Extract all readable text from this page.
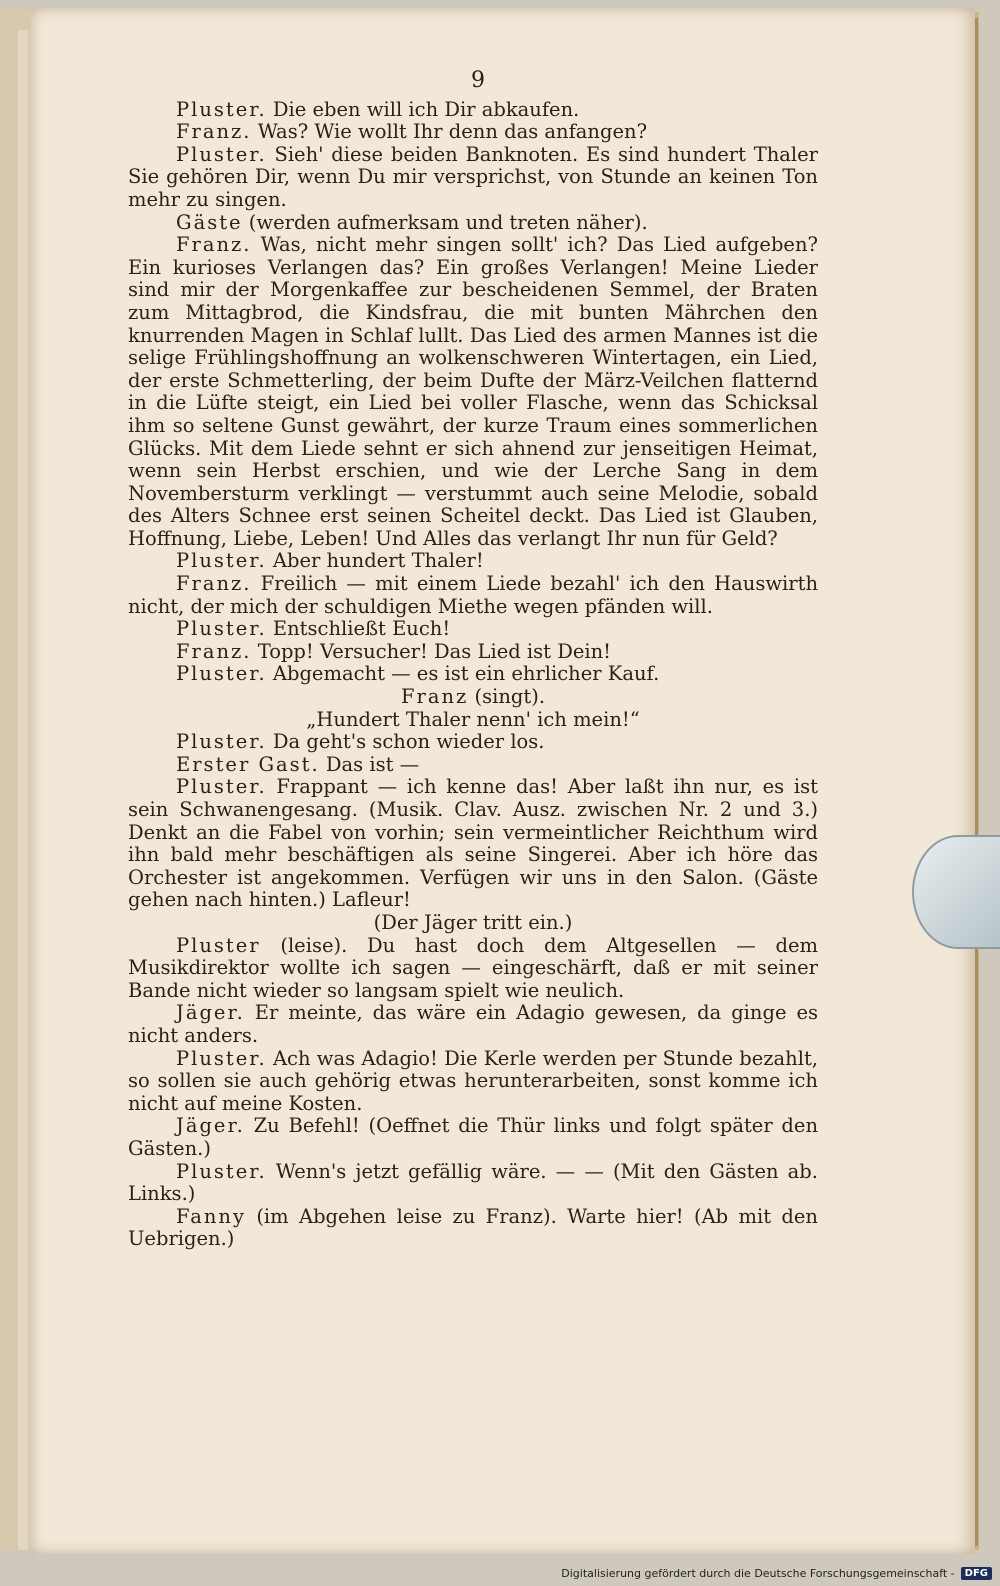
9

Pluster. Die eben will ich Dir abkaufen.

Franz. Was? Wie wollt Ihr denn das anfangen?

Pluster. Sieh' diese beiden Banknoten. Es sind hundert Thaler Sie gehören Dir, wenn Du mir versprichst, von Stunde an keinen Ton mehr zu singen.

Gäste (werden aufmerksam und treten näher).

Franz. Was, nicht mehr singen sollt' ich? Das Lied aufgeben? Ein kurioses Verlangen das? Ein großes Verlangen! Meine Lieder sind mir der Morgenkaffee zur bescheidenen Semmel, der Braten zum Mittagbrod, die Kindsfrau, die mit bunten Mährchen den knurrenden Magen in Schlaf lullt. Das Lied des armen Mannes ist die selige Frühlingshoffnung an wolkenschweren Wintertagen, ein Lied, der erste Schmetterling, der beim Dufte der März-Veilchen flatternd in die Lüfte steigt, ein Lied bei voller Flasche, wenn das Schicksal ihm so seltene Gunst gewährt, der kurze Traum eines sommerlichen Glücks. Mit dem Liede sehnt er sich ahnend zur jenseitigen Heimat, wenn sein Herbst erschien, und wie der Lerche Sang in dem Novembersturm verklingt — verstummt auch seine Melodie, sobald des Alters Schnee erst seinen Scheitel deckt. Das Lied ist Glauben, Hoffnung, Liebe, Leben! Und Alles das verlangt Ihr nun für Geld?

Pluster. Aber hundert Thaler!

Franz. Freilich — mit einem Liede bezahl' ich den Hauswirth nicht, der mich der schuldigen Miethe wegen pfänden will.

Pluster. Entschließt Euch!

Franz. Topp! Versucher! Das Lied ist Dein!

Pluster. Abgemacht — es ist ein ehrlicher Kauf.

Franz (singt).

„Hundert Thaler nenn' ich mein!“

Pluster. Da geht's schon wieder los.

Erster Gast. Das ist —

Pluster. Frappant — ich kenne das! Aber laßt ihn nur, es ist sein Schwanengesang. (Musik. Clav. Ausz. zwischen Nr. 2 und 3.) Denkt an die Fabel von vorhin; sein vermeintlicher Reichthum wird ihn bald mehr beschäftigen als seine Singerei. Aber ich höre das Orchester ist angekommen. Verfügen wir uns in den Salon. (Gäste gehen nach hinten.) Lafleur!

(Der Jäger tritt ein.)

Pluster (leise). Du hast doch dem Altgesellen — dem Musikdirektor wollte ich sagen — eingeschärft, daß er mit seiner Bande nicht wieder so langsam spielt wie neulich.

Jäger. Er meinte, das wäre ein Adagio gewesen, da ginge es nicht anders.

Pluster. Ach was Adagio! Die Kerle werden per Stunde bezahlt, so sollen sie auch gehörig etwas herunterarbeiten, sonst komme ich nicht auf meine Kosten.

Jäger. Zu Befehl! (Oeffnet die Thür links und folgt später den Gästen.)

Pluster. Wenn's jetzt gefällig wäre. — — (Mit den Gästen ab. Links.)

Fanny (im Abgehen leise zu Franz). Warte hier! (Ab mit den Uebrigen.)

Digitalisierung gefördert durch die Deutsche Forschungsgemeinschaft -	DFG
